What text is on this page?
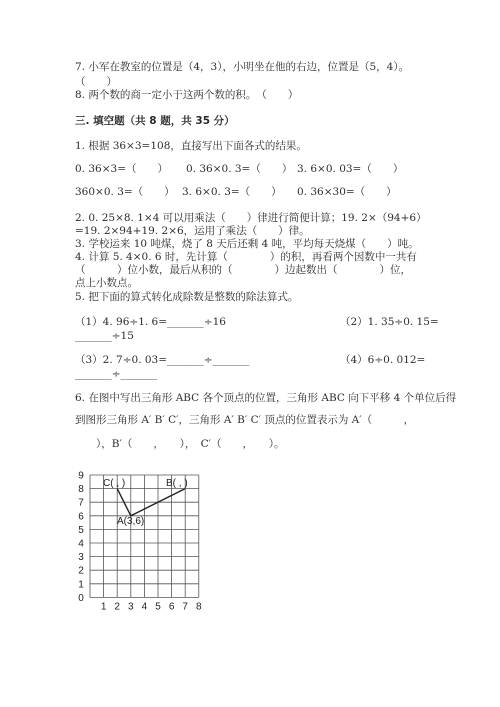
7. 小军在教室的位置是（4，3），小明坐在他的右边，位置是（5，4）。
（　　）
8. 两个数的商一定小于这两个数的积。　（　　）
三. 填空题（共 8 题，共 35 分）
1. 根据 36×3=108，直接写出下面各式的结果。
0. 36×3=（　　） 0. 36×0. 3=（　　） 3. 6×0. 03=（　　）
360×0. 3=（　　） 3. 6×0. 3=（　　） 0. 36×30=（　　）
2. 0. 25×8. 1×4 可以用乘法（　　）律进行简便计算；19. 2×（94+6）
=19. 2×94+19. 2×6，运用了乘法（　　）律。
3. 学校运来 10 吨煤，烧了 8 天后还剩 4 吨，平均每天烧煤（　　）吨。
4. 计算 5. 4×0. 6 时，先计算（　　　　）的积，再看两个因数中一共有
（　　　）位小数，最后从积的（　　　　）边起数出（　　　　）位，
点上小数点。
5. 把下面的算式转化成除数是整数的除法算式。
（1）4. 96÷1. 6=_______÷16	（2）1. 35÷0. 15=
_______÷15
（3）2. 7÷0. 03=_______÷_______	（4）6÷0. 012=
_______÷_______
6. 在图中写出三角形 ABC 各个顶点的位置，三角形 ABC 向下平移 4 个单位后得
到图形三角形 A′ B′ C′，三角形 A′ B′ C′ 顶点的位置表示为 A′（　　　，
　　），B′（　　，　　），　C′（　　，　　）。
9
8
7
6
5
4
3
2
1
0
1 2 3 4 5 6 7 8
C( , )	B( , )
A(3,6)
